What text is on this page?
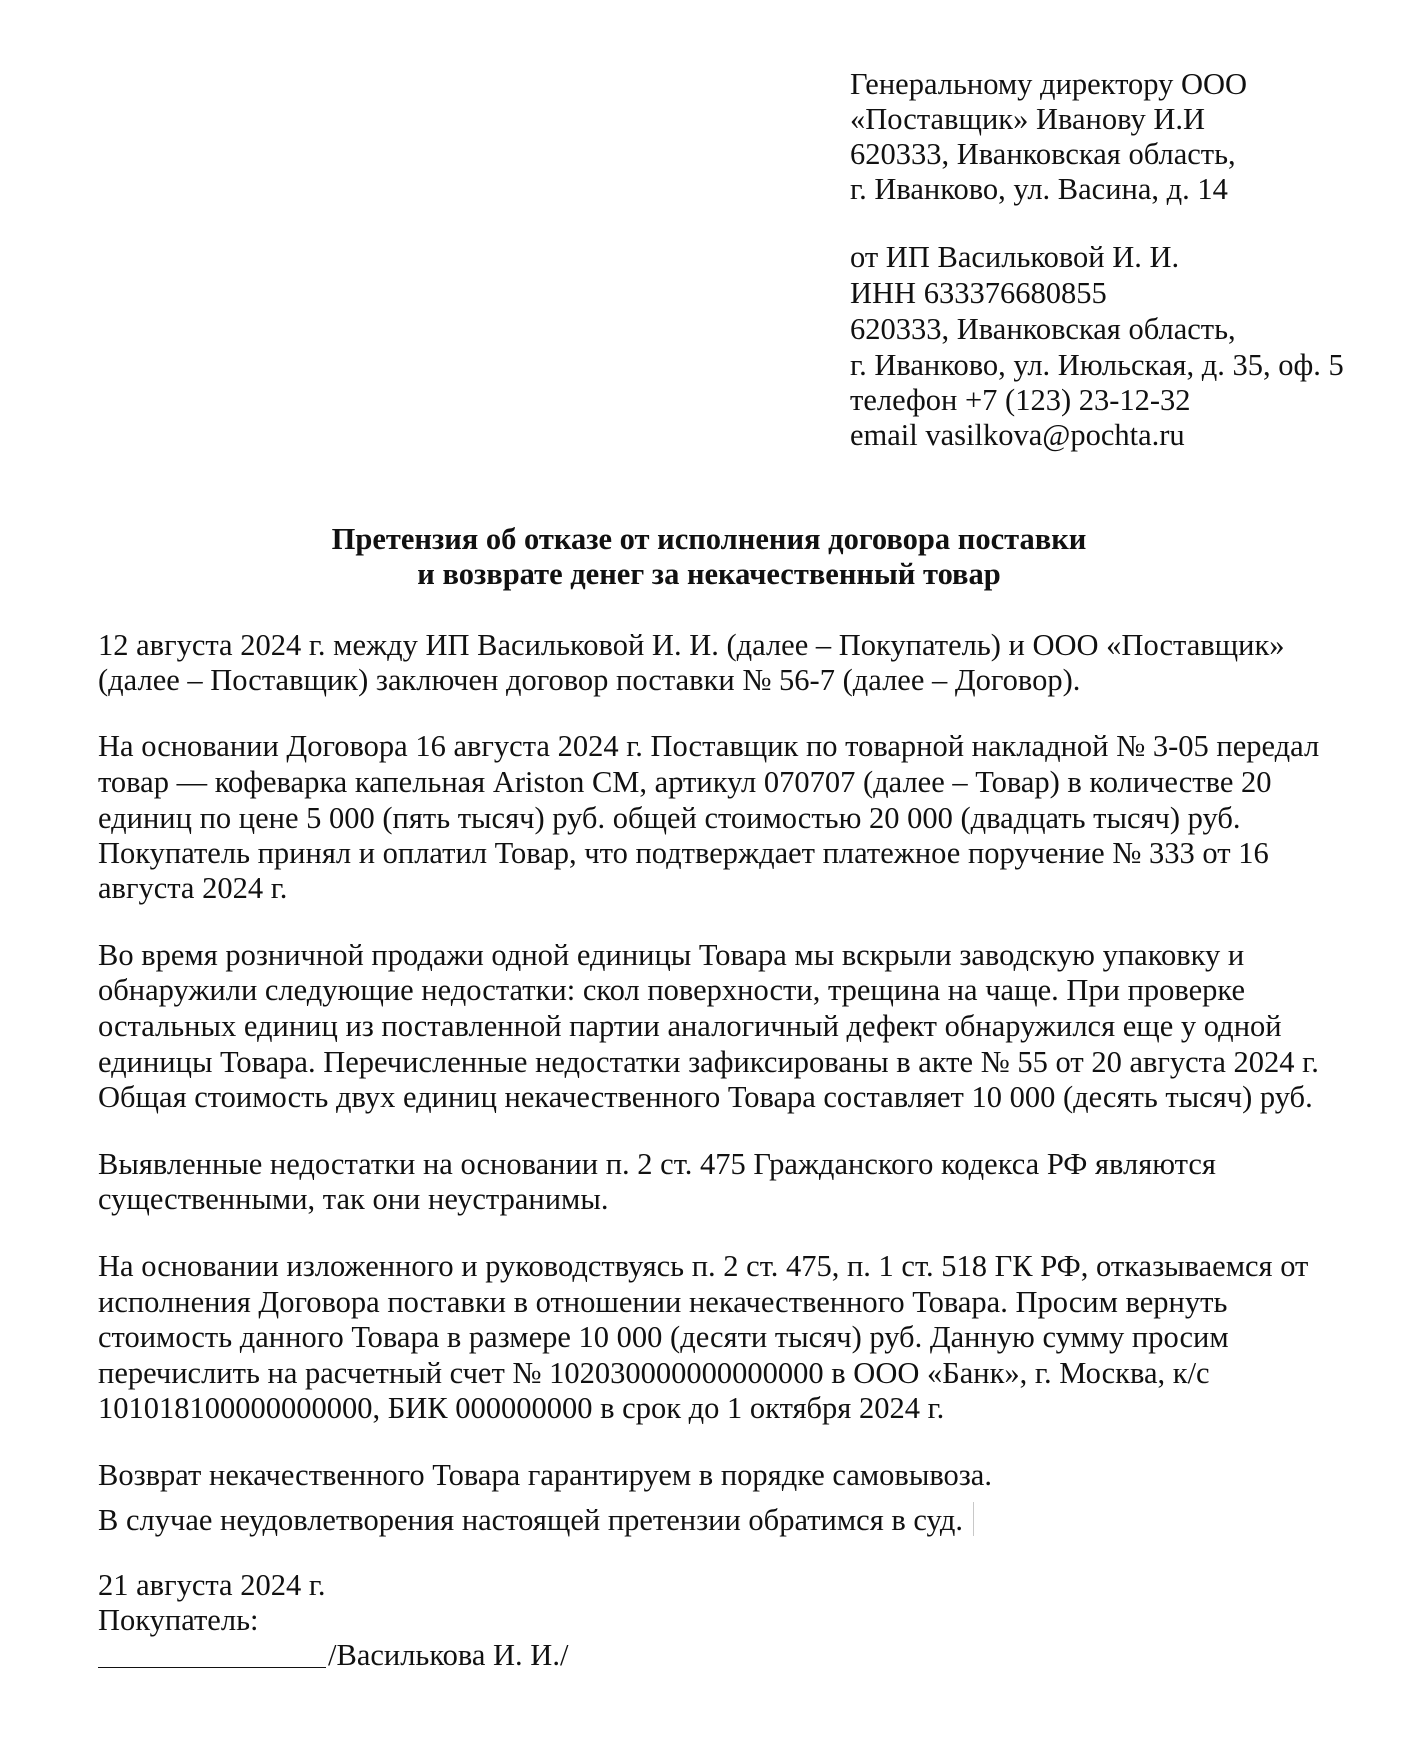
Генеральному директору ООО
«Поставщик» Иванову И.И
620333, Иванковская область,
г. Иванково, ул. Васина, д. 14
от ИП Васильковой И. И.
ИНН 633376680855
620333, Иванковская область,
г. Иванково, ул. Июльская, д. 35, оф. 5
телефон +7 (123) 23-12-32
email vasilkova@pochta.ru
Претензия об отказе от исполнения договора поставки
и возврате денег за некачественный товар
12 августа 2024 г. между ИП Васильковой И. И. (далее – Покупатель) и ООО «Поставщик»
(далее – Поставщик) заключен договор поставки № 56-7 (далее – Договор).
На основании Договора 16 августа 2024 г. Поставщик по товарной накладной № 3-05 передал
товар — кофеварка капельная Ariston CM, артикул 070707 (далее – Товар) в количестве 20
единиц по цене 5 000 (пять тысяч) руб. общей стоимостью 20 000 (двадцать тысяч) руб.
Покупатель принял и оплатил Товар, что подтверждает платежное поручение № 333 от 16
августа 2024 г.
Во время розничной продажи одной единицы Товара мы вскрыли заводскую упаковку и
обнаружили следующие недостатки: скол поверхности, трещина на чаще. При проверке
остальных единиц из поставленной партии аналогичный дефект обнаружился еще у одной
единицы Товара. Перечисленные недостатки зафиксированы в акте № 55 от 20 августа 2024 г.
Общая стоимость двух единиц некачественного Товара составляет 10 000 (десять тысяч) руб.
Выявленные недостатки на основании п. 2 ст. 475 Гражданского кодекса РФ являются
существенными, так они неустранимы.
На основании изложенного и руководствуясь п. 2 ст. 475, п. 1 ст. 518 ГК РФ, отказываемся от
исполнения Договора поставки в отношении некачественного Товара. Просим вернуть
стоимость данного Товара в размере 10 000 (десяти тысяч) руб. Данную сумму просим
перечислить на расчетный счет № 102030000000000000 в ООО «Банк», г. Москва, к/с
101018100000000000, БИК 000000000 в срок до 1 октября 2024 г.
Возврат некачественного Товара гарантируем в порядке самовывоза.
В случае неудовлетворения настоящей претензии обратимся в суд.
21 августа 2024 г.
Покупатель:
/Василькова И. И./
